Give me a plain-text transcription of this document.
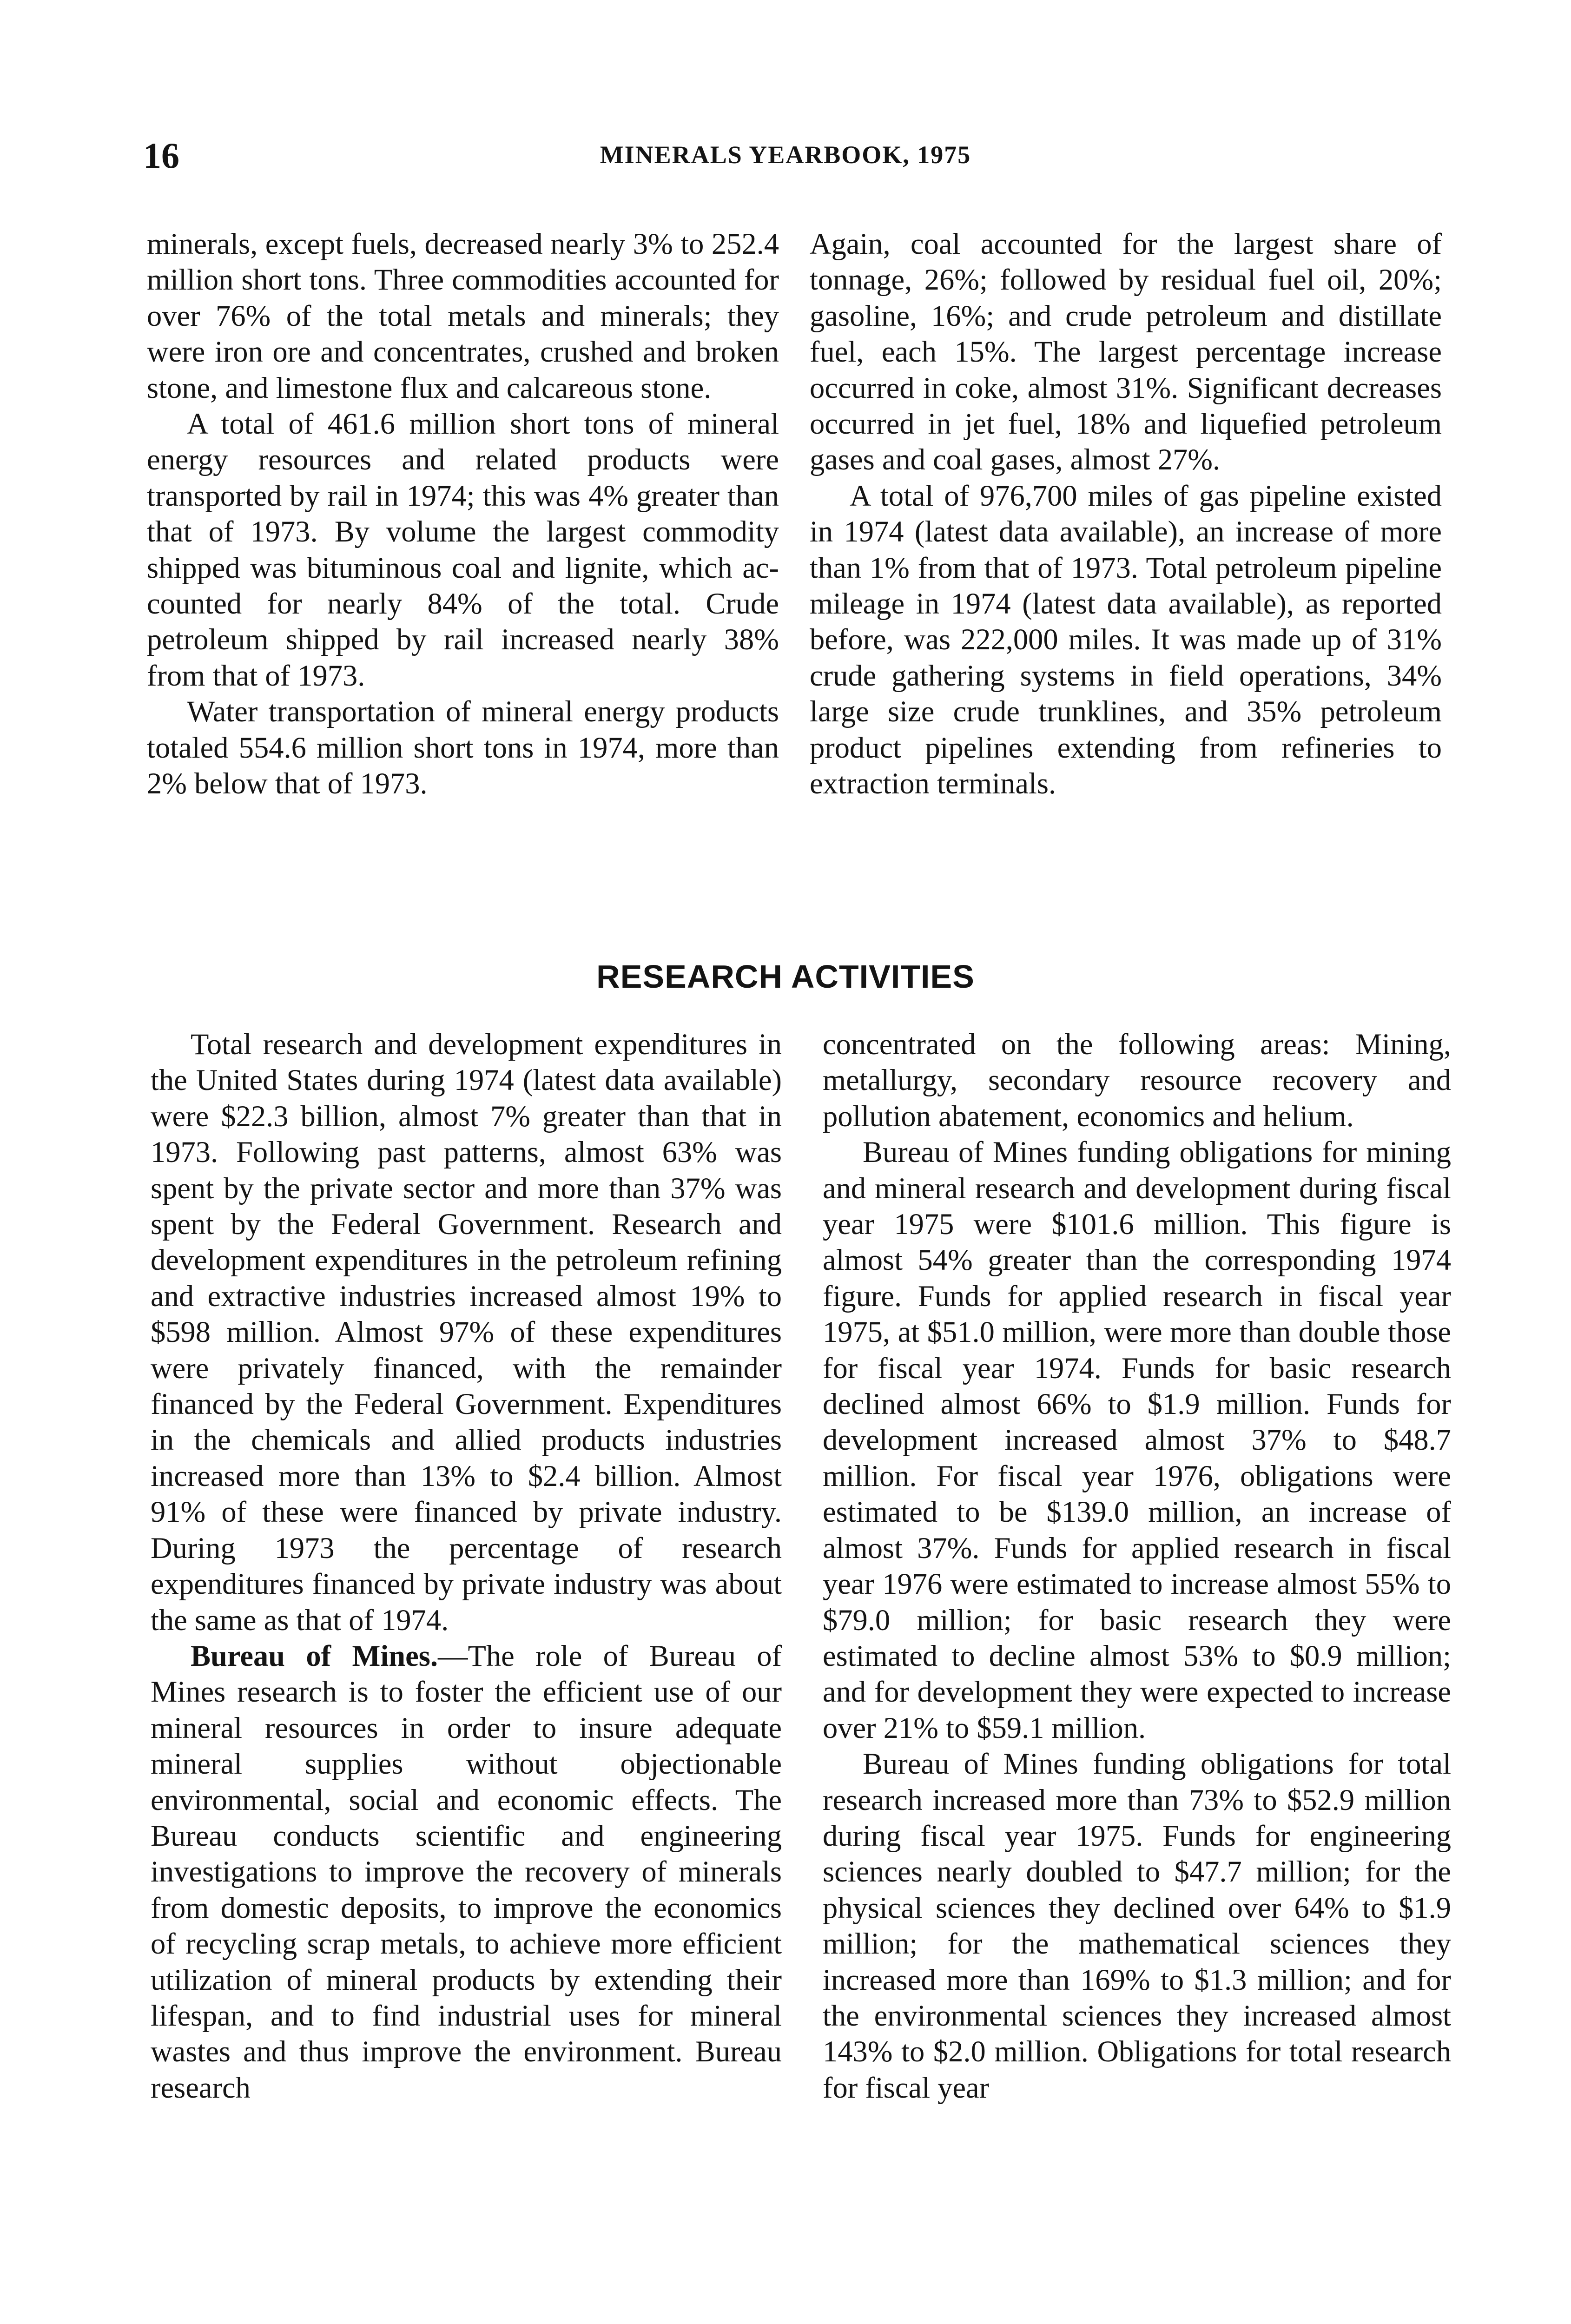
16	MINERALS YEARBOOK, 1975

minerals, except fuels, decreased nearly 3% to 252.4 million short tons. Three commodities accounted for over 76% of the total metals and minerals; they were iron ore and concentrates, crushed and broken stone, and limestone flux and calcareous stone.

A total of 461.6 million short tons of mineral energy resources and related products were transported by rail in 1974; this was 4% greater than that of 1973. By volume the largest commodity shipped was bituminous coal and lignite, which accounted for nearly 84% of the total. Crude petroleum shipped by rail increased nearly 38% from that of 1973.

Water transportation of mineral energy products totaled 554.6 million short tons in 1974, more than 2% below that of 1973.

Again, coal accounted for the largest share of tonnage, 26%; followed by residual fuel oil, 20%; gasoline, 16%; and crude petroleum and distillate fuel, each 15%. The largest percentage increase occurred in coke, almost 31%. Significant decreases occurred in jet fuel, 18% and liquefied petroleum gases and coal gases, almost 27%.

A total of 976,700 miles of gas pipeline existed in 1974 (latest data available), an increase of more than 1% from that of 1973. Total petroleum pipeline mileage in 1974 (latest data available), as reported before, was 222,000 miles. It was made up of 31% crude gathering systems in field operations, 34% large size crude trunklines, and 35% petroleum product pipelines extending from refineries to extraction terminals.

RESEARCH ACTIVITIES

Total research and development expenditures in the United States during 1974 (latest data available) were $22.3 billion, almost 7% greater than that in 1973. Following past patterns, almost 63% was spent by the private sector and more than 37% was spent by the Federal Government. Research and development expenditures in the petroleum refining and extractive industries increased almost 19% to $598 million. Almost 97% of these expenditures were privately financed, with the remainder financed by the Federal Government. Expenditures in the chemicals and allied products industries increased more than 13% to $2.4 billion. Almost 91% of these were financed by private industry. During 1973 the percentage of research expenditures financed by private industry was about the same as that of 1974.

Bureau of Mines.—The role of Bureau of Mines research is to foster the efficient use of our mineral resources in order to insure adequate mineral supplies without objectionable environmental, social and economic effects. The Bureau conducts scientific and engineering investigations to improve the recovery of minerals from domestic deposits, to improve the economics of recycling scrap metals, to achieve more efficient utilization of mineral products by extending their lifespan, and to find industrial uses for mineral wastes and thus improve the environment. Bureau research

concentrated on the following areas: Mining, metallurgy, secondary resource recovery and pollution abatement, economics and helium.

Bureau of Mines funding obligations for mining and mineral research and development during fiscal year 1975 were $101.6 million. This figure is almost 54% greater than the corresponding 1974 figure. Funds for applied research in fiscal year 1975, at $51.0 million, were more than double those for fiscal year 1974. Funds for basic research declined almost 66% to $1.9 million. Funds for development increased almost 37% to $48.7 million. For fiscal year 1976, obligations were estimated to be $139.0 million, an increase of almost 37%. Funds for applied research in fiscal year 1976 were estimated to increase almost 55% to $79.0 million; for basic research they were estimated to decline almost 53% to $0.9 million; and for development they were expected to increase over 21% to $59.1 million.

Bureau of Mines funding obligations for total research increased more than 73% to $52.9 million during fiscal year 1975. Funds for engineering sciences nearly doubled to $47.7 million; for the physical sciences they declined over 64% to $1.9 million; for the mathematical sciences they increased more than 169% to $1.3 million; and for the environmental sciences they increased almost 143% to $2.0 million. Obligations for total research for fiscal year
